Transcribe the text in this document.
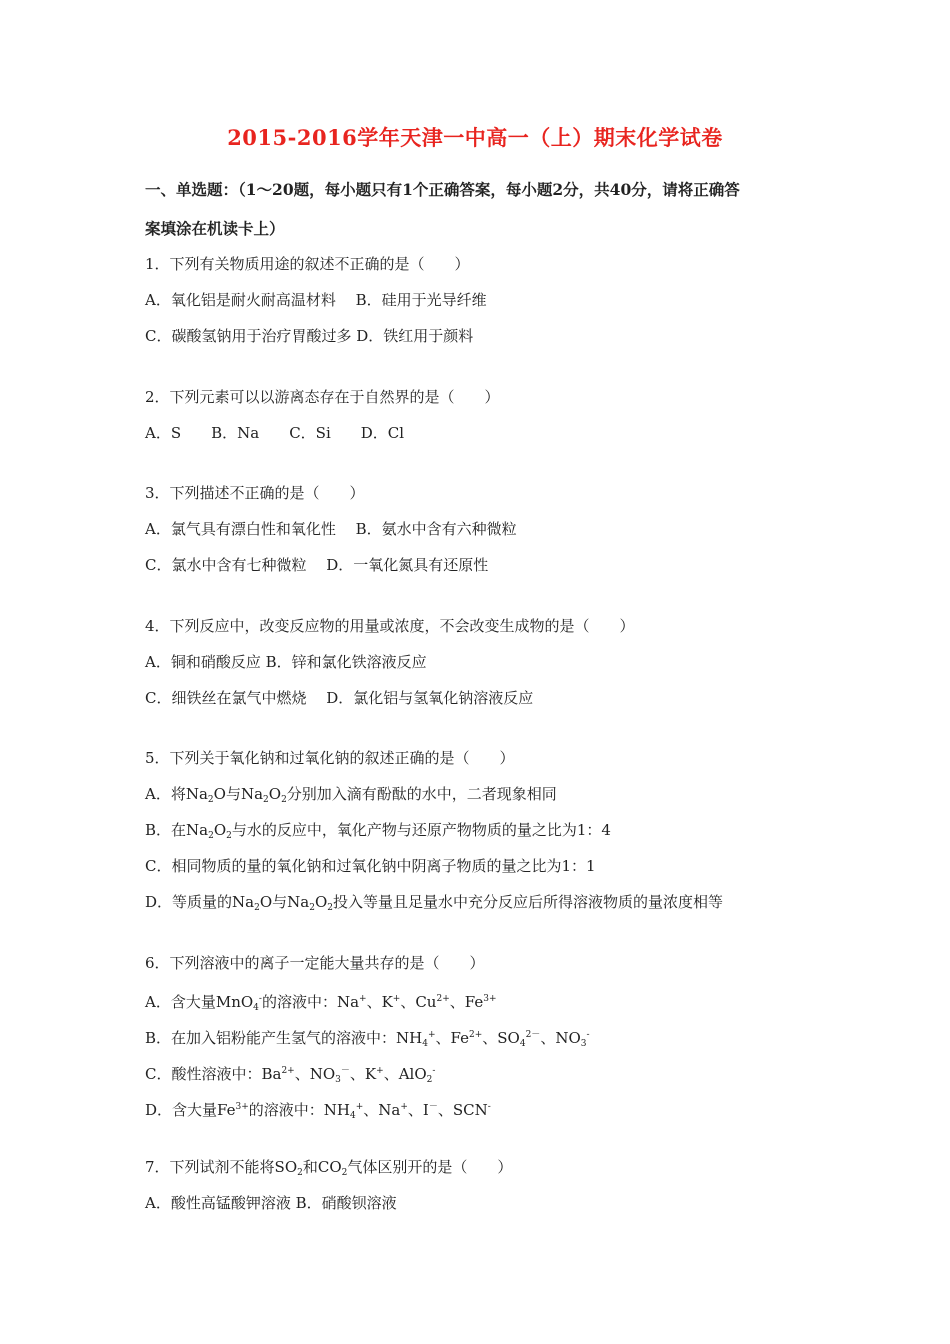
2015-2016学年天津一中高一（上）期末化学试卷
一、单选题：（1～20题，每小题只有1个正确答案，每小题2分，共40分，请将正确答
案填涂在机读卡上）
1．下列有关物质用途的叙述不正确的是（　　）
A．氧化铝是耐火耐高温材料　 B．硅用于光导纤维
C．碳酸氢钠用于治疗胃酸过多 D．铁红用于颜料
2．下列元素可以以游离态存在于自然界的是（　　）
A．S　　B．Na　　C．Si　　D．Cl
3．下列描述不正确的是（　　）
A．氯气具有漂白性和氧化性　 B．氨水中含有六种微粒
C．氯水中含有七种微粒　 D．一氧化氮具有还原性
4．下列反应中，改变反应物的用量或浓度，不会改变生成物的是（　　）
A．铜和硝酸反应 B．锌和氯化铁溶液反应
C．细铁丝在氯气中燃烧　 D．氯化铝与氢氧化钠溶液反应
5．下列关于氧化钠和过氧化钠的叙述正确的是（　　）
A．将$Na_2O$与$Na_2O_2$分别加入滴有酚酞的水中，二者现象相同
B．在$Na_2O_2$与水的反应中，氧化产物与还原产物物质的量之比为1：4
C．相同物质的量的氧化钠和过氧化钠中阴离子物质的量之比为1：1
D．等质量的$Na_2O$与$Na_2O_2$投入等量且足量水中充分反应后所得溶液物质的量浓度相等
6．下列溶液中的离子一定能大量共存的是（　　）
A．含大量MnO$_4$-的溶液中：Na+、K+、$Cu^{2+}$、$Fe^{3+}$
B．在加入铝粉能产生氢气的溶液中：$NH_4^+$、$Fe^{2+}$、$SO_4^{2-}$、$NO_3^-$
C．酸性溶液中：$Ba^{2+}$、$NO_3^-$、K+、AlO$_2$-
D．含大量$Fe^{3+}$的溶液中：$NH_4^+$、Na+、I－、SCN-
7．下列试剂不能将$SO_2$和$CO_2$气体区别开的是（　　）
A．酸性高锰酸钾溶液 B．硝酸钡溶液
